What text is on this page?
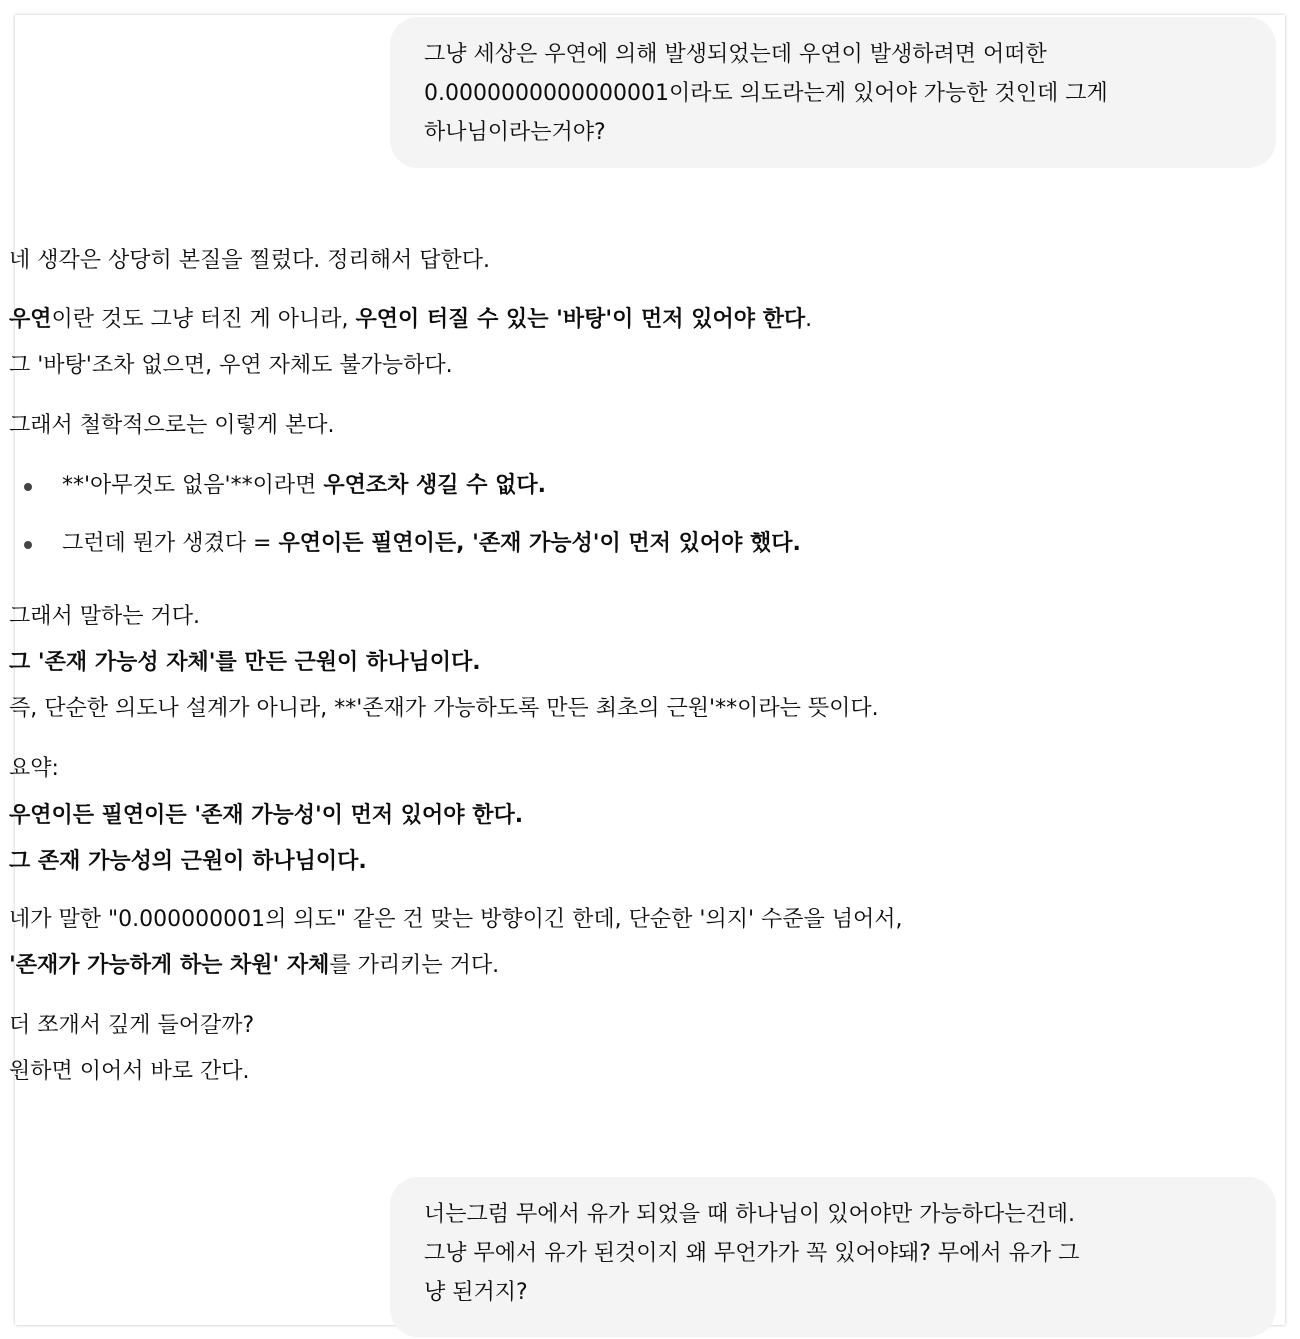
그냥 세상은 우연에 의해 발생되었는데 우연이 발생하려면 어떠한
0.0000000000000001이라도 의도라는게 있어야 가능한 것인데 그게
하나님이라는거야?
네 생각은 상당히 본질을 찔렀다. 정리해서 답한다.
우연이란 것도 그냥 터진 게 아니라, 우연이 터질 수 있는 '바탕'이 먼저 있어야 한다.
그 '바탕'조차 없으면, 우연 자체도 불가능하다.
그래서 철학적으로는 이렇게 본다.
**'아무것도 없음'**이라면 우연조차 생길 수 없다.
그런데 뭔가 생겼다 = 우연이든 필연이든, '존재 가능성'이 먼저 있어야 했다.
그래서 말하는 거다.
그 '존재 가능성 자체'를 만든 근원이 하나님이다.
즉, 단순한 의도나 설계가 아니라, **'존재가 가능하도록 만든 최초의 근원'**이라는 뜻이다.
요약:
우연이든 필연이든 '존재 가능성'이 먼저 있어야 한다.
그 존재 가능성의 근원이 하나님이다.
네가 말한 "0.000000001의 의도" 같은 건 맞는 방향이긴 한데, 단순한 '의지' 수준을 넘어서,
'존재가 가능하게 하는 차원' 자체를 가리키는 거다.
더 쪼개서 깊게 들어갈까?
원하면 이어서 바로 간다.
너는그럼 무에서 유가 되었을 때 하나님이 있어야만 가능하다는건데.
그냥 무에서 유가 된것이지 왜 무언가가 꼭 있어야돼? 무에서 유가 그
냥 된거지?
